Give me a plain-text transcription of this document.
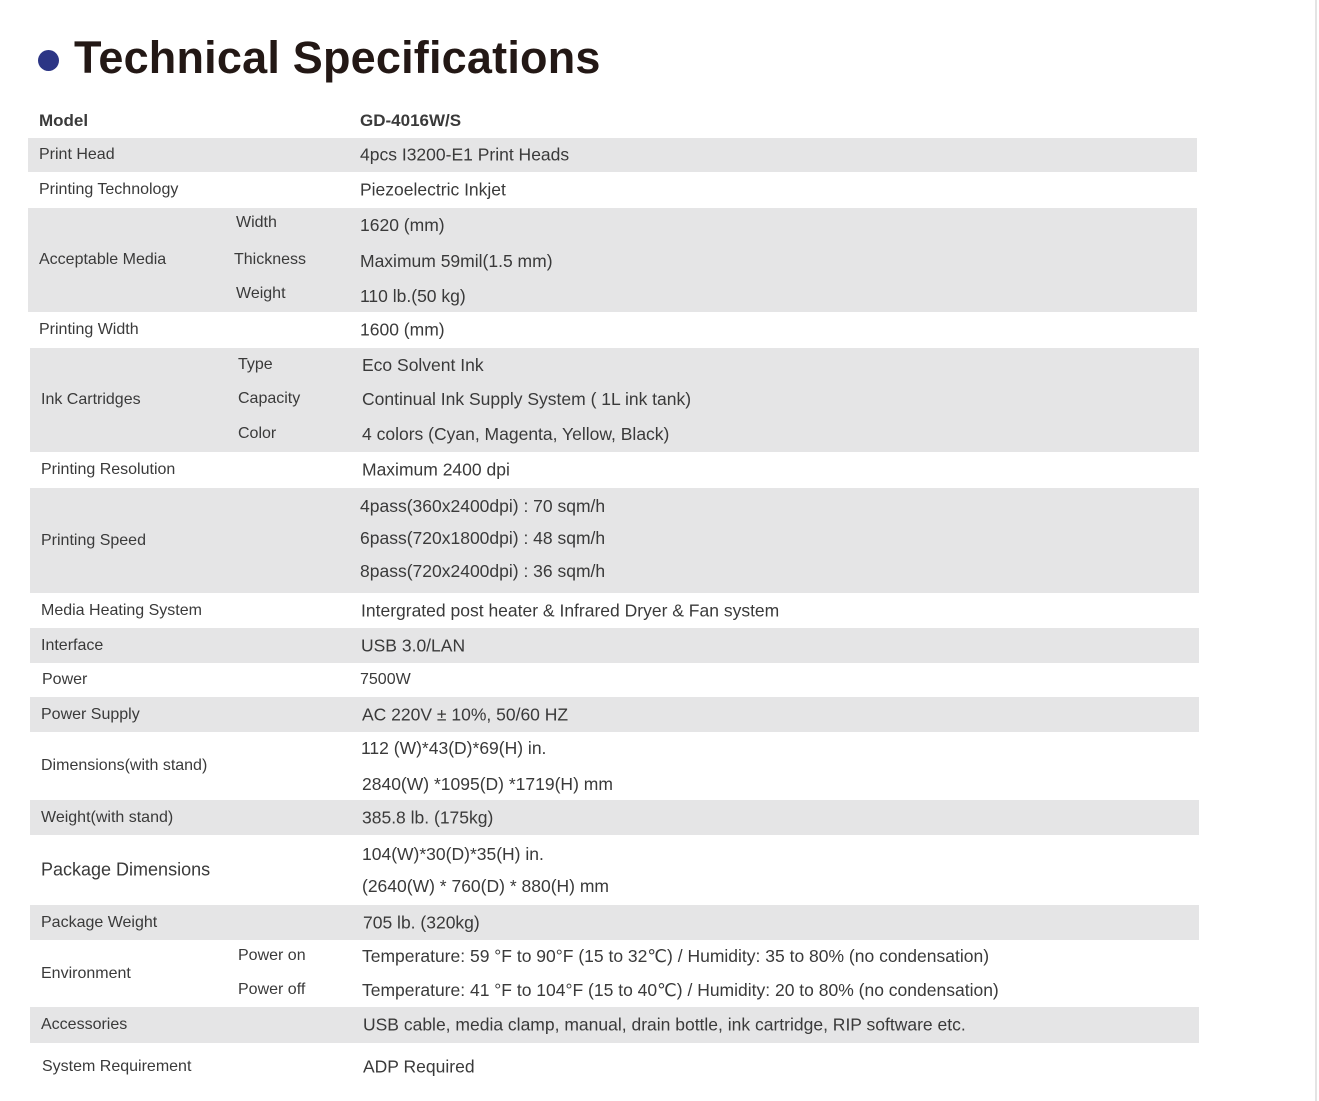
Technical Specifications
Model	GD-4016W/S
Print Head	4pcs I3200-E1 Print Heads
Printing Technology	Piezoelectric Inkjet
Acceptable Media
Width	1620 (mm)
Thickness	Maximum 59mil(1.5 mm)
Weight	110 lb.(50 kg)
Printing Width	1600 (mm)
Ink Cartridges
Type	Eco Solvent Ink
Capacity	Continual Ink Supply System ( 1L ink tank)
Color	4 colors (Cyan, Magenta, Yellow, Black)
Printing Resolution	Maximum 2400 dpi
Printing Speed
4pass(360x2400dpi) : 70 sqm/h
6pass(720x1800dpi) : 48 sqm/h
8pass(720x2400dpi) : 36 sqm/h
Media Heating System	Intergrated post heater & Infrared Dryer & Fan system
Interface	USB 3.0/LAN
Power	7500W
Power Supply	AC 220V ± 10%, 50/60 HZ
Dimensions(with stand)
112 (W)*43(D)*69(H) in.
2840(W) *1095(D) *1719(H) mm
Weight(with stand)	385.8 lb. (175kg)
Package Dimensions
104(W)*30(D)*35(H) in.
(2640(W) * 760(D) * 880(H) mm
Package Weight	705 lb. (320kg)
Environment
Power on	Temperature: 59 °F to 90°F (15 to 32℃) / Humidity: 35 to 80% (no condensation)
Power off	Temperature: 41 °F to 104°F (15 to 40℃) / Humidity: 20 to 80% (no condensation)
Accessories	USB cable, media clamp, manual, drain bottle, ink cartridge, RIP software etc.
System Requirement	ADP Required
